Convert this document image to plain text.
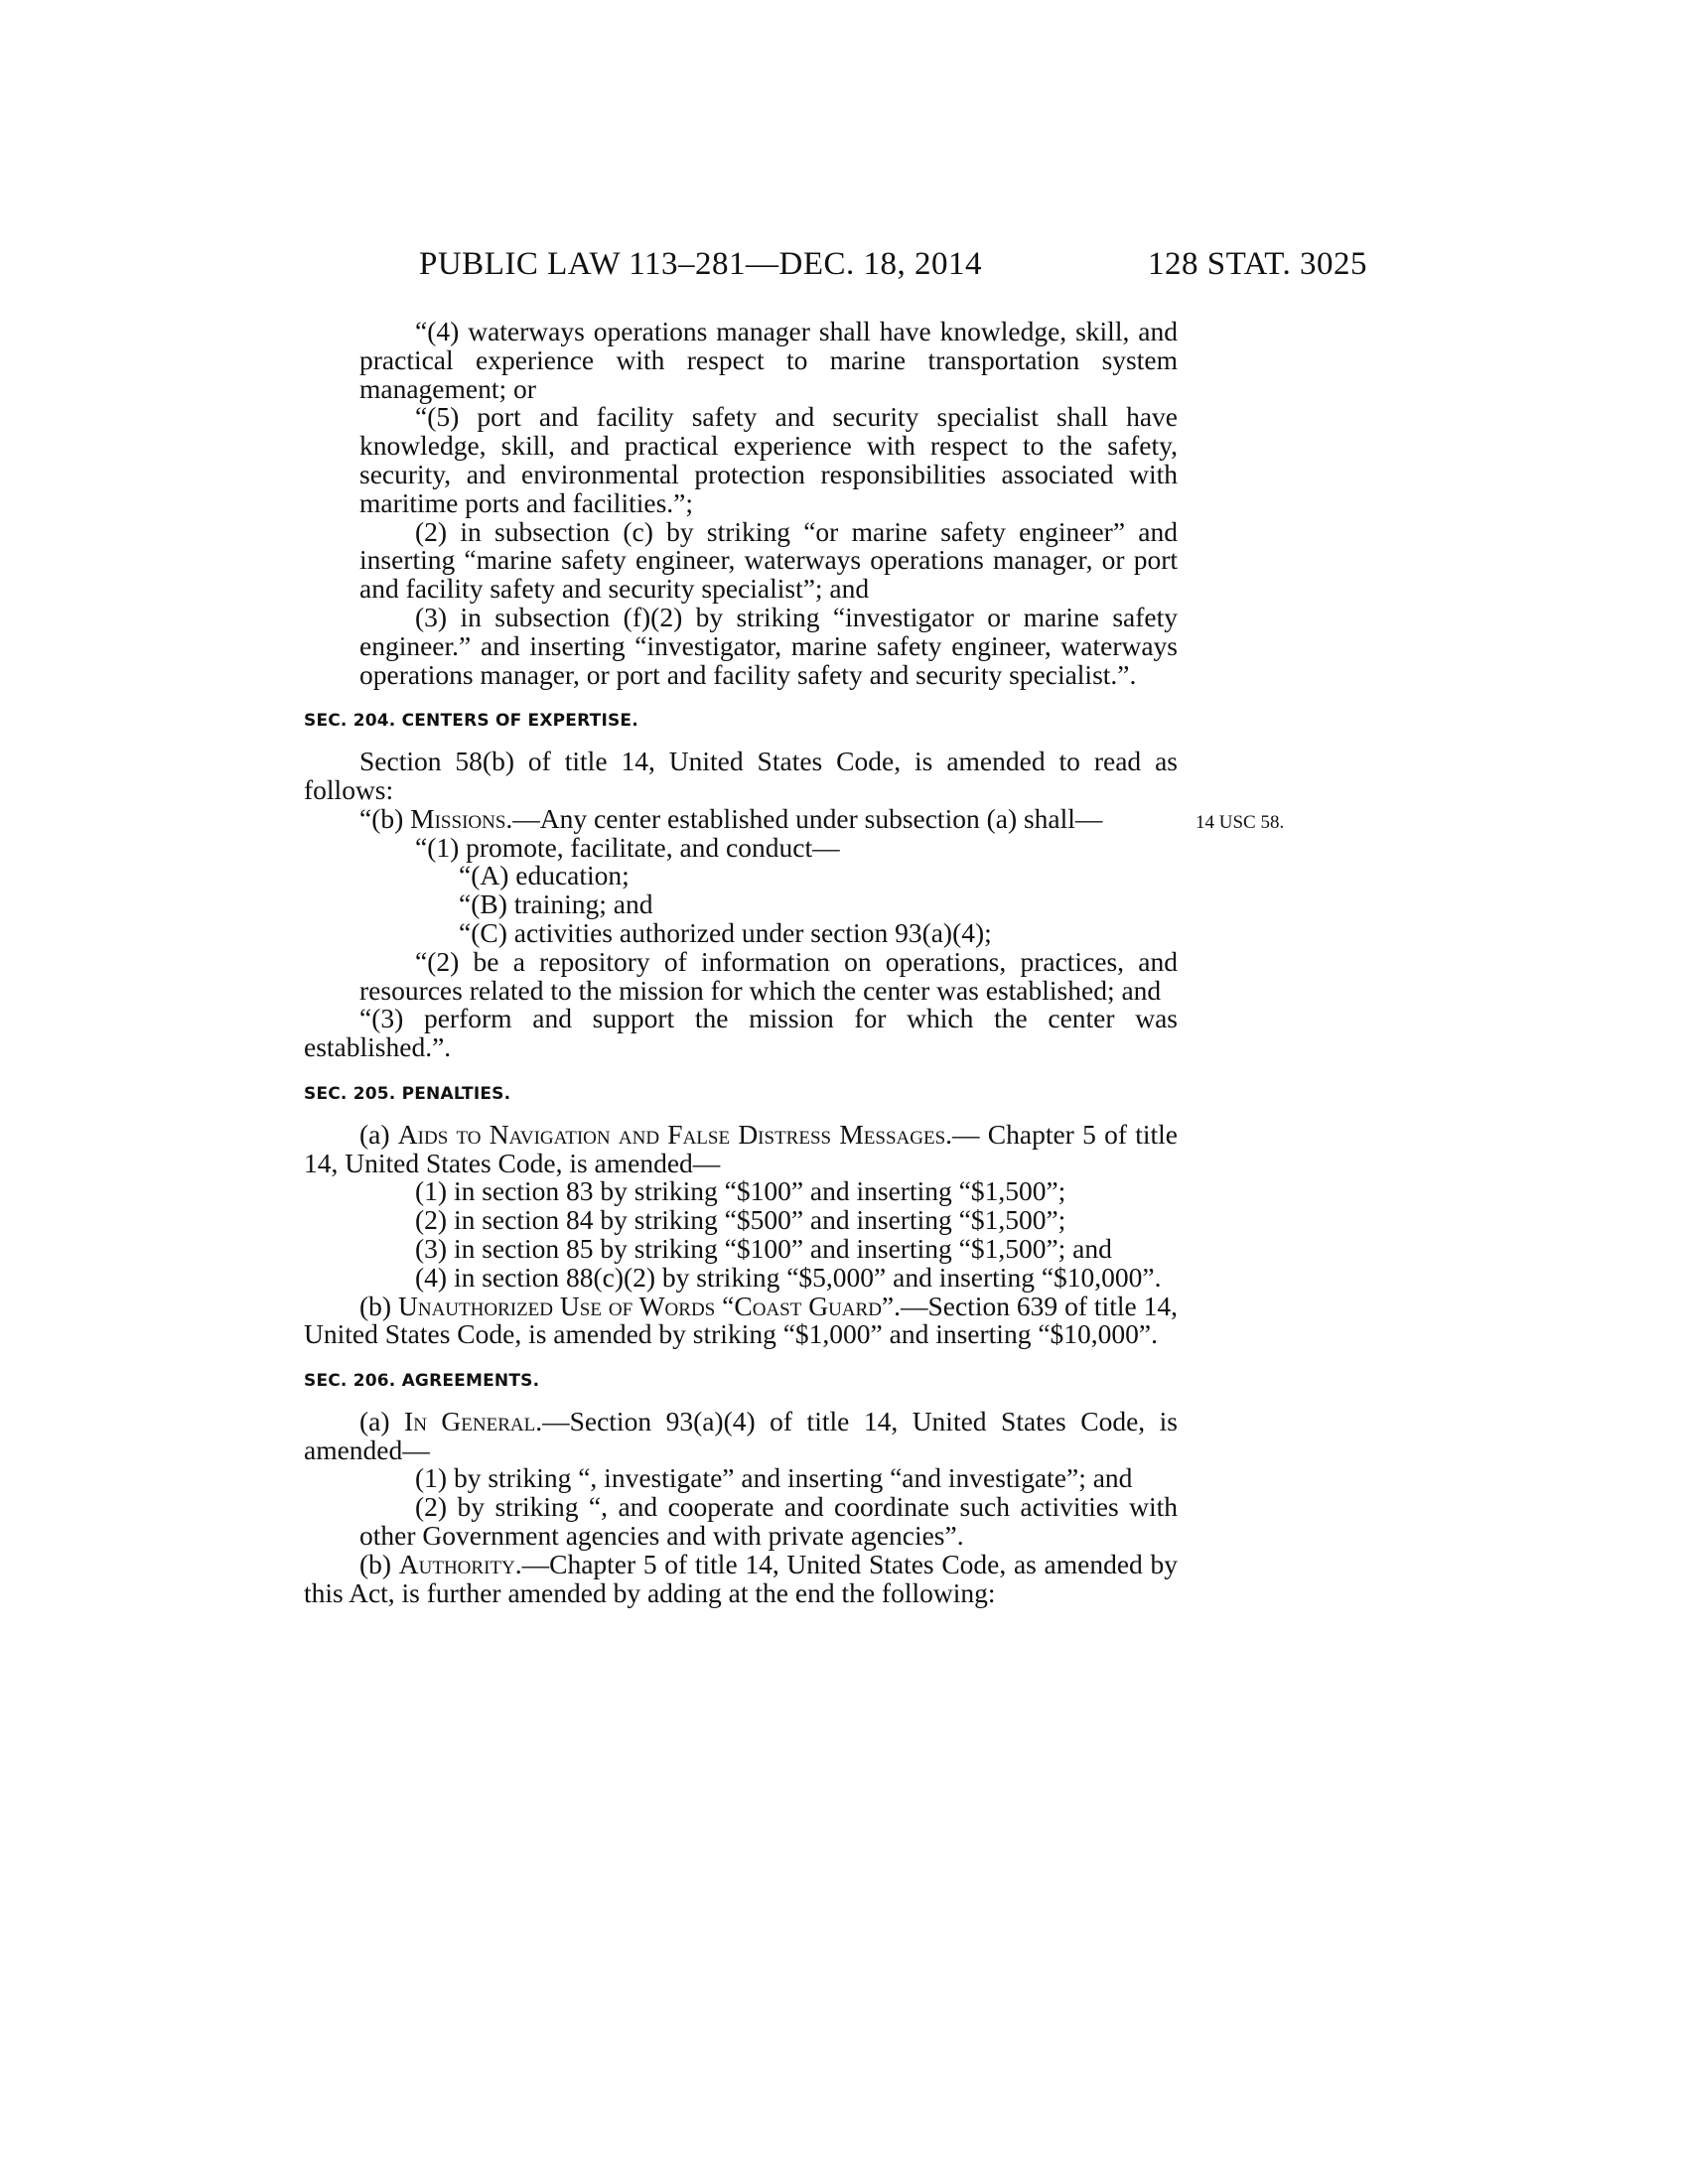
PUBLIC LAW 113–281—DEC. 18, 2014	128 STAT. 3025
14 USC 58.

“(4) waterways operations manager shall have knowledge, skill, and practical experience with respect to marine transportation system management; or

“(5) port and facility safety and security specialist shall have knowledge, skill, and practical experience with respect to the safety, security, and environmental protection responsibilities associated with maritime ports and facilities.”;

(2) in subsection (c) by striking “or marine safety engineer” and inserting “marine safety engineer, waterways operations manager, or port and facility safety and security specialist”; and

(3) in subsection (f)(2) by striking “investigator or marine safety engineer.” and inserting “investigator, marine safety engineer, waterways operations manager, or port and facility safety and security specialist.”.

SEC. 204. CENTERS OF EXPERTISE.

Section 58(b) of title 14, United States Code, is amended to read as follows:

“(b) Missions.—Any center established under subsection (a) shall—

“(1) promote, facilitate, and conduct—

“(A) education;

“(B) training; and

“(C) activities authorized under section 93(a)(4);

“(2) be a repository of information on operations, practices, and resources related to the mission for which the center was established; and

“(3) perform and support the mission for which the center was established.”.

SEC. 205. PENALTIES.

(a) Aids to Navigation and False Distress Messages.— Chapter 5 of title 14, United States Code, is amended—

(1) in section 83 by striking “$100” and inserting “$1,500”;

(2) in section 84 by striking “$500” and inserting “$1,500”;

(3) in section 85 by striking “$100” and inserting “$1,500”; and

(4) in section 88(c)(2) by striking “$5,000” and inserting “$10,000”.

(b) Unauthorized Use of Words “Coast Guard”.—Section 639 of title 14, United States Code, is amended by striking “$1,000” and inserting “$10,000”.

SEC. 206. AGREEMENTS.

(a) In General.—Section 93(a)(4) of title 14, United States Code, is amended—

(1) by striking “, investigate” and inserting “and investigate”; and

(2) by striking “, and cooperate and coordinate such activities with other Government agencies and with private agencies”.

(b) Authority.—Chapter 5 of title 14, United States Code, as amended by this Act, is further amended by adding at the end the following:
